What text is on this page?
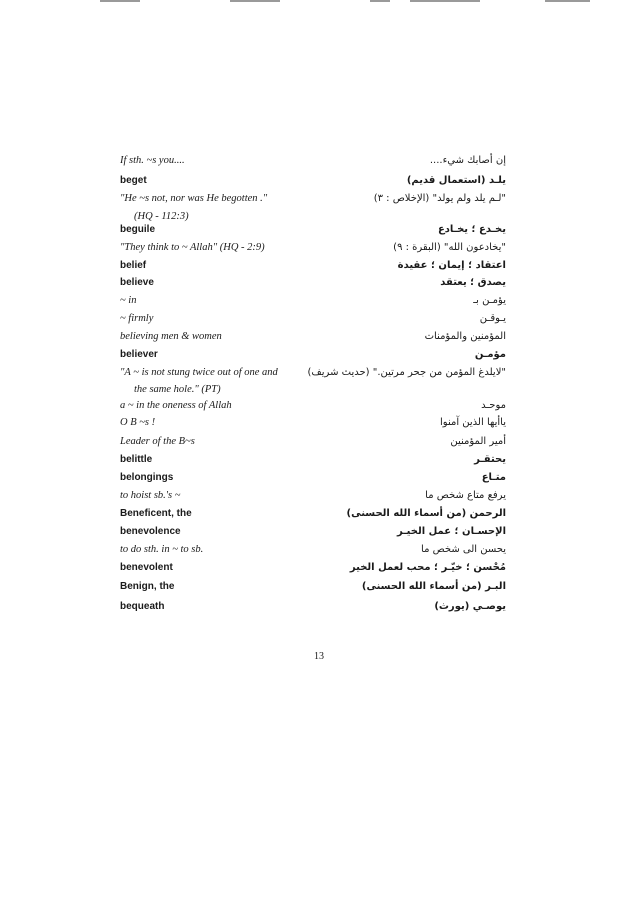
If sth. ~s you....	إن أصابك شيء....
beget	يلـد (استعمال قديم)
"He ~s not, nor was He begotten ."	"لـم يلد ولم يولد" (الإخلاص : ٣)
(HQ - 112:3)
beguile	يخـدع ؛ يخـادع
"They think to ~ Allah" (HQ - 2:9)	"يخادعون الله" (البقرة : ٩)
belief	اعتقاد ؛ إيمان ؛ عقيدة
believe	يصدق ؛ يعتقد
~ in	يؤمـن بـ
~ firmly	يـوقـن
believing men & women	المؤمنين والمؤمنات
believer	مؤمـن
"A ~ is not stung twice out of one and	"لايلدغ المؤمن من جحر مرتين." (حديث شريف)
the same hole." (PT)
a ~ in the oneness of Allah	موحـد
O B ~s !	ياأيها الذين آمنوا
Leader of the B~s	أمير المؤمنين
belittle	يحتقـر
belongings	متـاع
to hoist sb.'s ~	يرفع متاع شخص ما
Beneficent, the	الرحمن (من أسماء الله الحسنى)
benevolence	الإحسـان ؛ عمل الخيـر
to do sth. in ~ to sb.	يحسن الى شخص ما
benevolent	مُحْسن ؛ خيّـر ؛ محب لعمل الخير
Benign, the	البـر (من أسماء الله الحسنى)
bequeath	يوصـي (يورث)
13
